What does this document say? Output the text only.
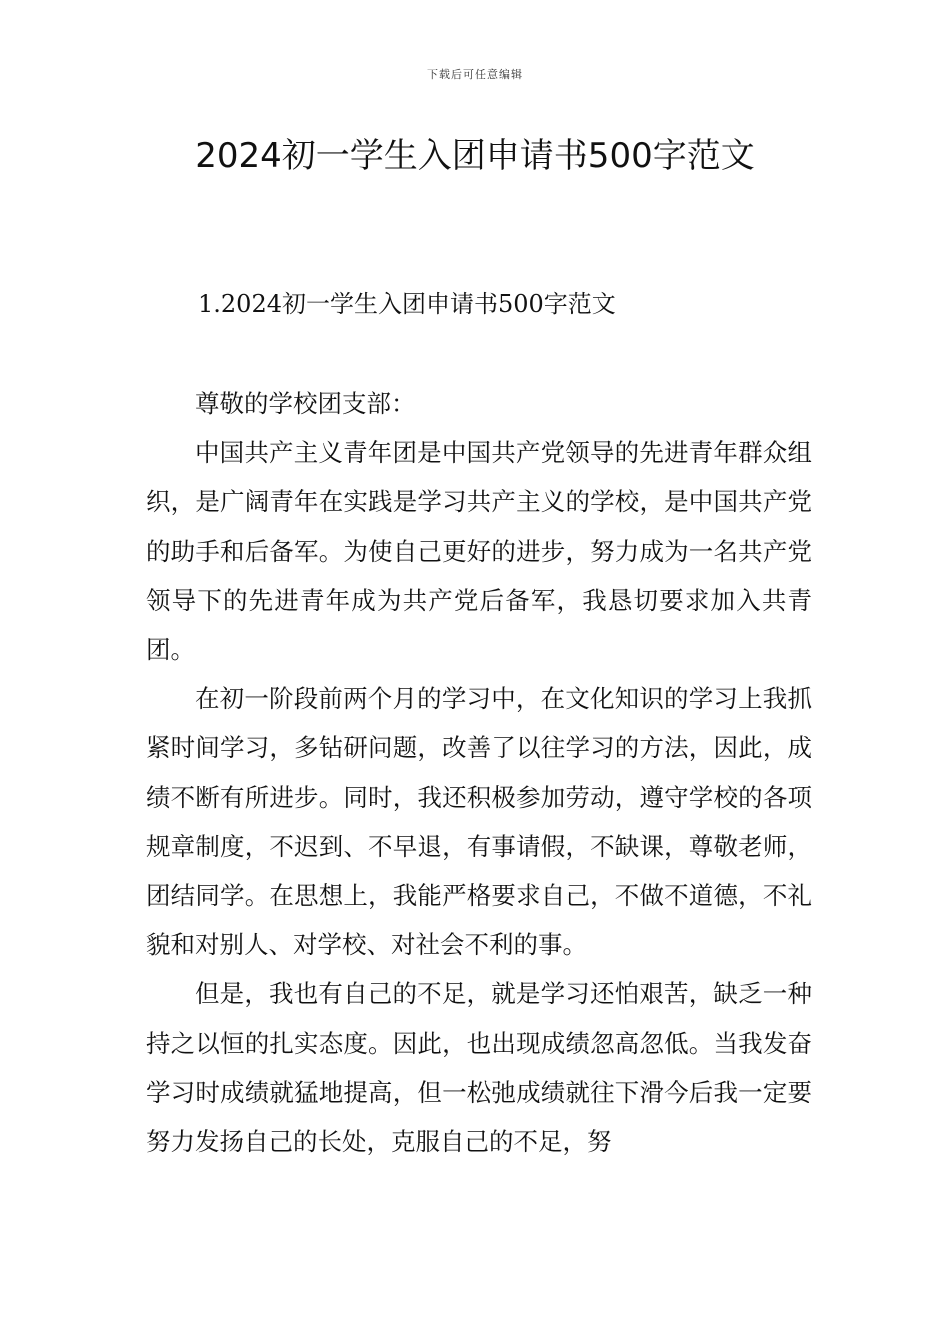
下载后可任意编辑
2024初一学生入团申请书500字范文
1.2024初一学生入团申请书500字范文

尊敬的学校团支部：

中国共产主义青年团是中国共产党领导的先进青年群众组织，是广阔青年在实践是学习共产主义的学校，是中国共产党的助手和后备军。为使自己更好的进步，努力成为一名共产党领导下的先进青年成为共产党后备军，我恳切要求加入共青团。

在初一阶段前两个月的学习中，在文化知识的学习上我抓紧时间学习，多钻研问题，改善了以往学习的方法，因此，成绩不断有所进步。同时，我还积极参加劳动，遵守学校的各项规章制度，不迟到、不早退，有事请假，不缺课，尊敬老师，团结同学。在思想上，我能严格要求自己，不做不道德，不礼貌和对别人、对学校、对社会不利的事。

但是，我也有自己的不足，就是学习还怕艰苦，缺乏一种持之以恒的扎实态度。因此，也出现成绩忽高忽低。当我发奋学习时成绩就猛地提高，但一松弛成绩就往下滑今后我一定要努力发扬自己的长处，克服自己的不足，努
